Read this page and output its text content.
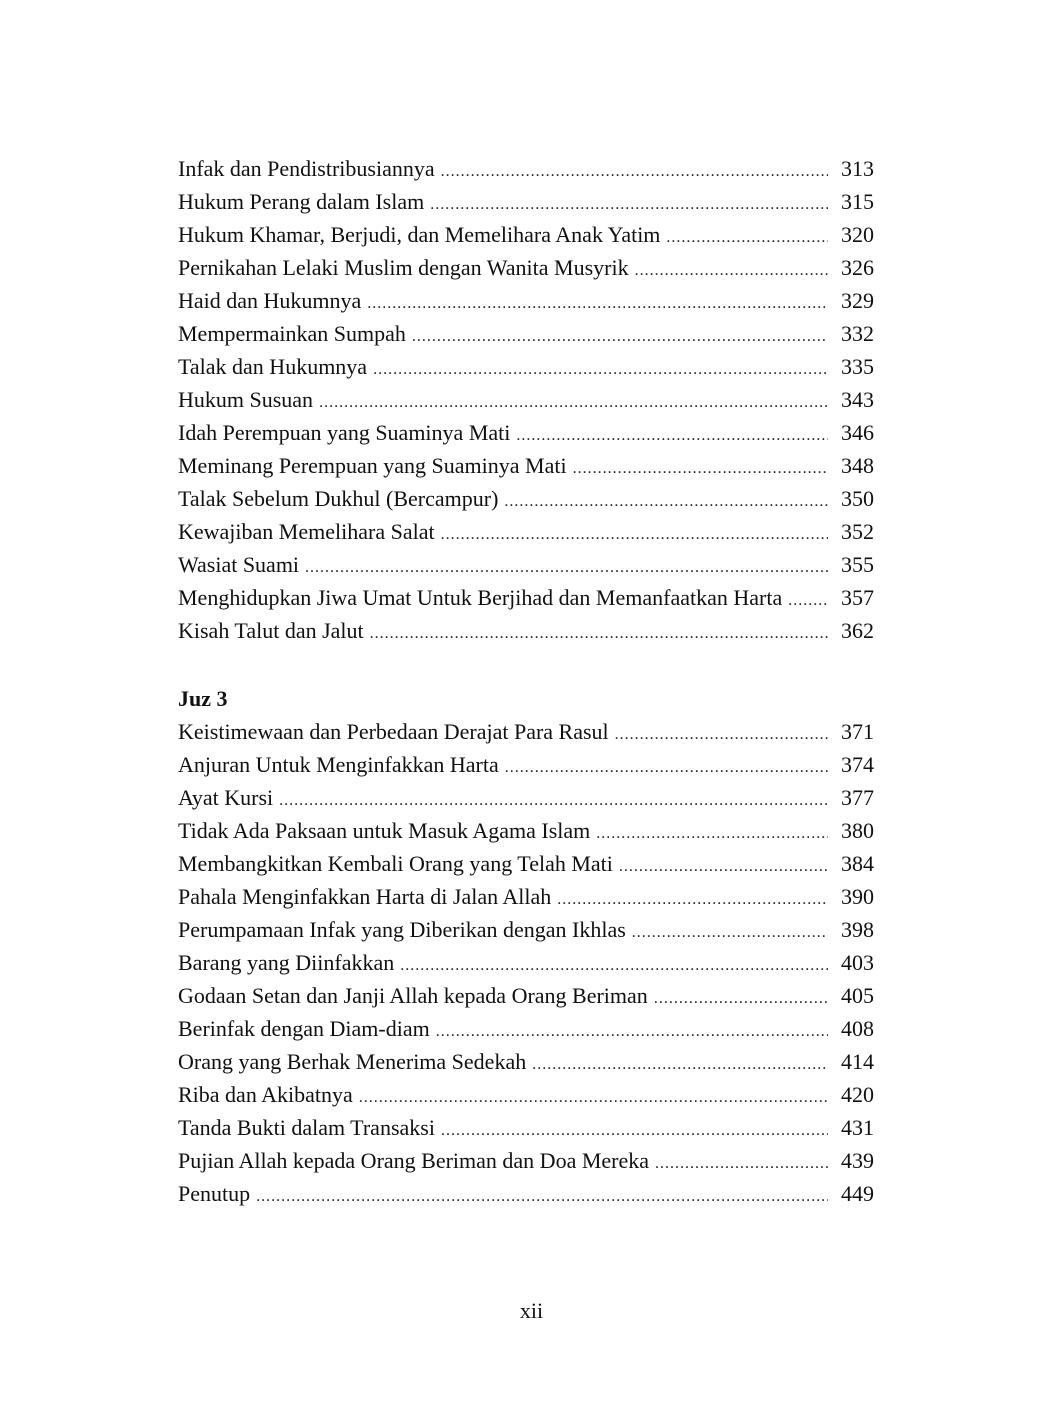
Infak dan Pendistribusiannya . . .	313
Hukum Perang dalam Islam . . .	315
Hukum Khamar, Berjudi, dan Memelihara Anak Yatim . . .	320
Pernikahan Lelaki Muslim dengan Wanita Musyrik . . .	326
Haid dan Hukumnya . . .	329
Mempermainkan Sumpah . . .	332
Talak dan Hukumnya . . .	335
Hukum Susuan . . .	343
Idah Perempuan yang Suaminya Mati . . .	346
Meminang Perempuan yang Suaminya Mati . . .	348
Talak Sebelum Dukhul (Bercampur) . . .	350
Kewajiban Memelihara Salat . . .	352
Wasiat Suami . . .	355
Menghidupkan Jiwa Umat Untuk Berjihad dan Memanfaatkan Harta . . .	357
Kisah Talut dan Jalut . . .	362
Juz 3
Keistimewaan dan Perbedaan Derajat Para Rasul . . .	371
Anjuran Untuk Menginfakkan Harta . . .	374
Ayat Kursi . . .	377
Tidak Ada Paksaan untuk Masuk Agama Islam . . .	380
Membangkitkan Kembali Orang yang Telah Mati . . .	384
Pahala Menginfakkan Harta di Jalan Allah . . .	390
Perumpamaan Infak yang Diberikan dengan Ikhlas . . .	398
Barang yang Diinfakkan . . .	403
Godaan Setan dan Janji Allah kepada Orang Beriman . . .	405
Berinfak dengan Diam-diam . . .	408
Orang yang Berhak Menerima Sedekah . . .	414
Riba dan Akibatnya . . .	420
Tanda Bukti dalam Transaksi . . .	431
Pujian Allah kepada Orang Beriman dan Doa Mereka . . .	439
Penutup . . .	449
xii
